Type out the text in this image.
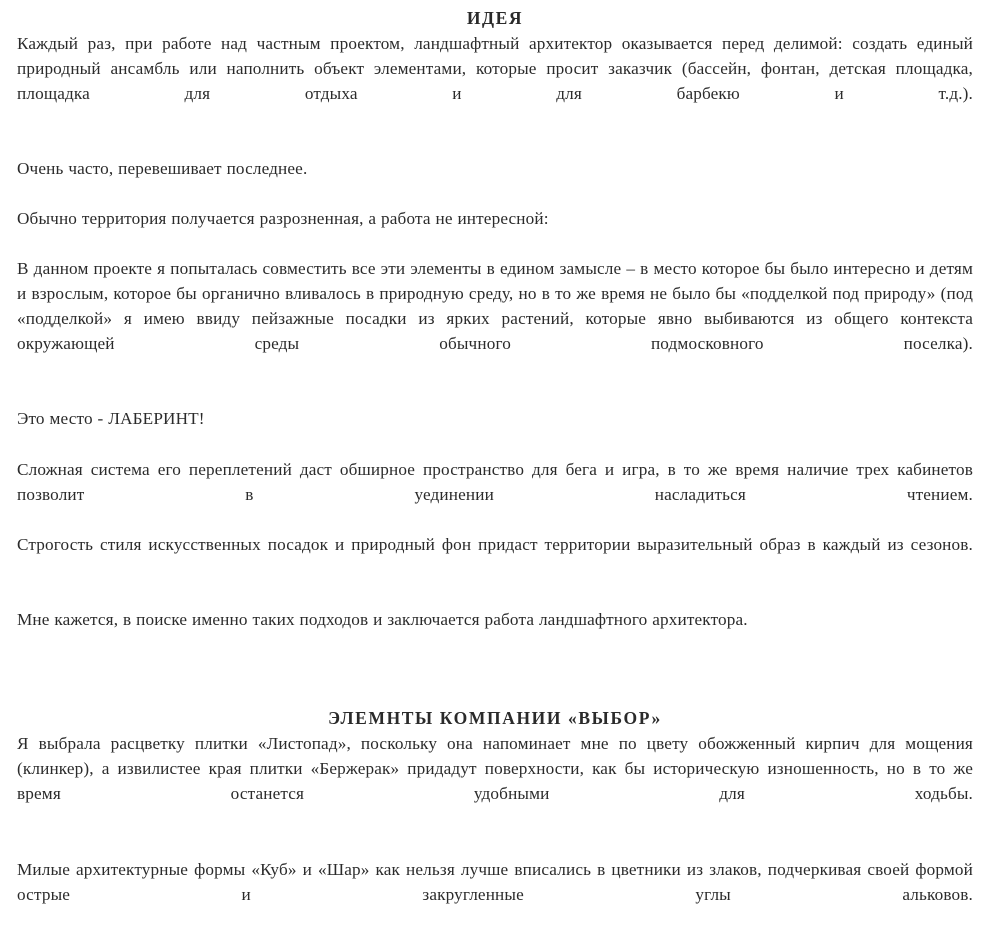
ИДЕЯ

Каждый раз, при работе над частным проектом, ландшафтный архитектор оказывается перед делимой: создать единый природный ансамбль или наполнить объект элементами, которые просит заказчик (бассейн, фонтан, детская площадка, площадка для отдыха и для барбекю и т.д.).

Очень часто, перевешивает последнее.

Обычно территория получается разрозненная, а работа не интересной:

В данном проекте я попыталась совместить все эти элементы в едином замысле – в место которое бы было интересно и детям и взрослым, которое бы органично вливалось в природную среду, но в то же время не было бы «подделкой под природу» (под «подделкой» я имею ввиду пейзажные посадки из ярких растений, которые явно выбиваются из общего контекста окружающей среды обычного подмосковного поселка).

Это место - ЛАБЕРИНТ!

Сложная система его переплетений даст обширное пространство для бега и игра, в то же время наличие трех кабинетов позволит в уединении насладиться чтением.

Строгость стиля искусственных посадок и природный фон придаст территории выразительный образ в каждый из сезонов.

Мне кажется, в поиске именно таких подходов и заключается работа ландшафтного архитектора.

ЭЛЕМНТЫ КОМПАНИИ «ВЫБОР»

Я выбрала расцветку плитки «Листопад», поскольку она напоминает мне по цвету обожженный кирпич для мощения (клинкер), а извилистее края плитки «Бержерак» придадут поверхности, как бы историческую изношенность, но в то же время останется удобными для ходьбы.

Милые архитектурные формы «Куб» и «Шар» как нельзя лучше вписались в цветники из злаков, подчеркивая своей формой острые и закругленные углы альковов.
